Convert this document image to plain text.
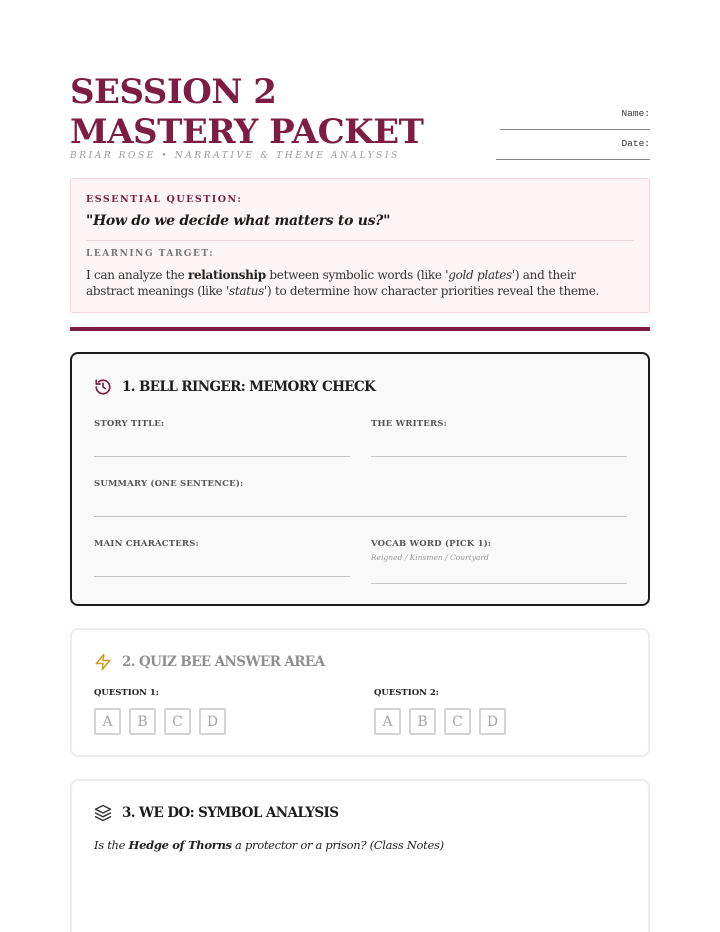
SESSION 2 MASTERY PACKET
BRIAR ROSE • NARRATIVE & THEME ANALYSIS
Name:
Date:
ESSENTIAL QUESTION:
"How do we decide what matters to us?"
LEARNING TARGET:
I can analyze the relationship between symbolic words (like 'gold plates') and their abstract meanings (like 'status') to determine how character priorities reveal the theme.
1. BELL RINGER: MEMORY CHECK
STORY TITLE:	THE WRITERS:
SUMMARY (ONE SENTENCE):
MAIN CHARACTERS:	VOCAB WORD (PICK 1):
Reigned / Kinsmen / Courtyard
2. QUIZ BEE ANSWER AREA
QUESTION 1:
A	B	C	D
QUESTION 2:
A	B	C	D
3. WE DO: SYMBOL ANALYSIS
Is the Hedge of Thorns a protector or a prison? (Class Notes)
